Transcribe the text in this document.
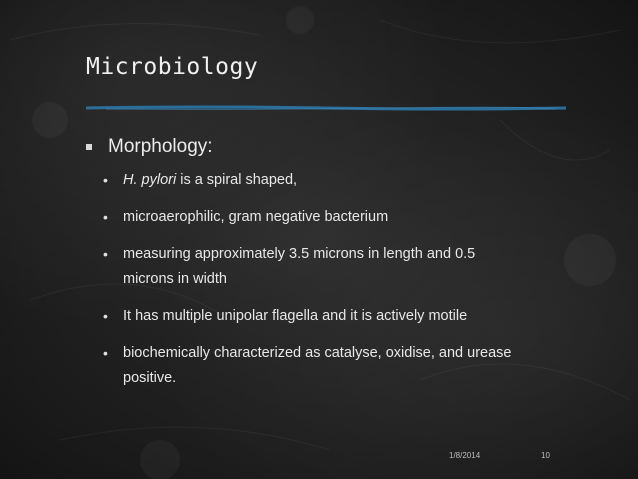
Microbiology
Morphology:
• H. pylori is a spiral shaped,
• microaerophilic, gram negative bacterium
• measuring approximately 3.5 microns in length and 0.5 microns in width
• It has multiple unipolar flagella and it is actively motile
• biochemically characterized as catalyse, oxidise, and urease positive.
1/8/2014	10
